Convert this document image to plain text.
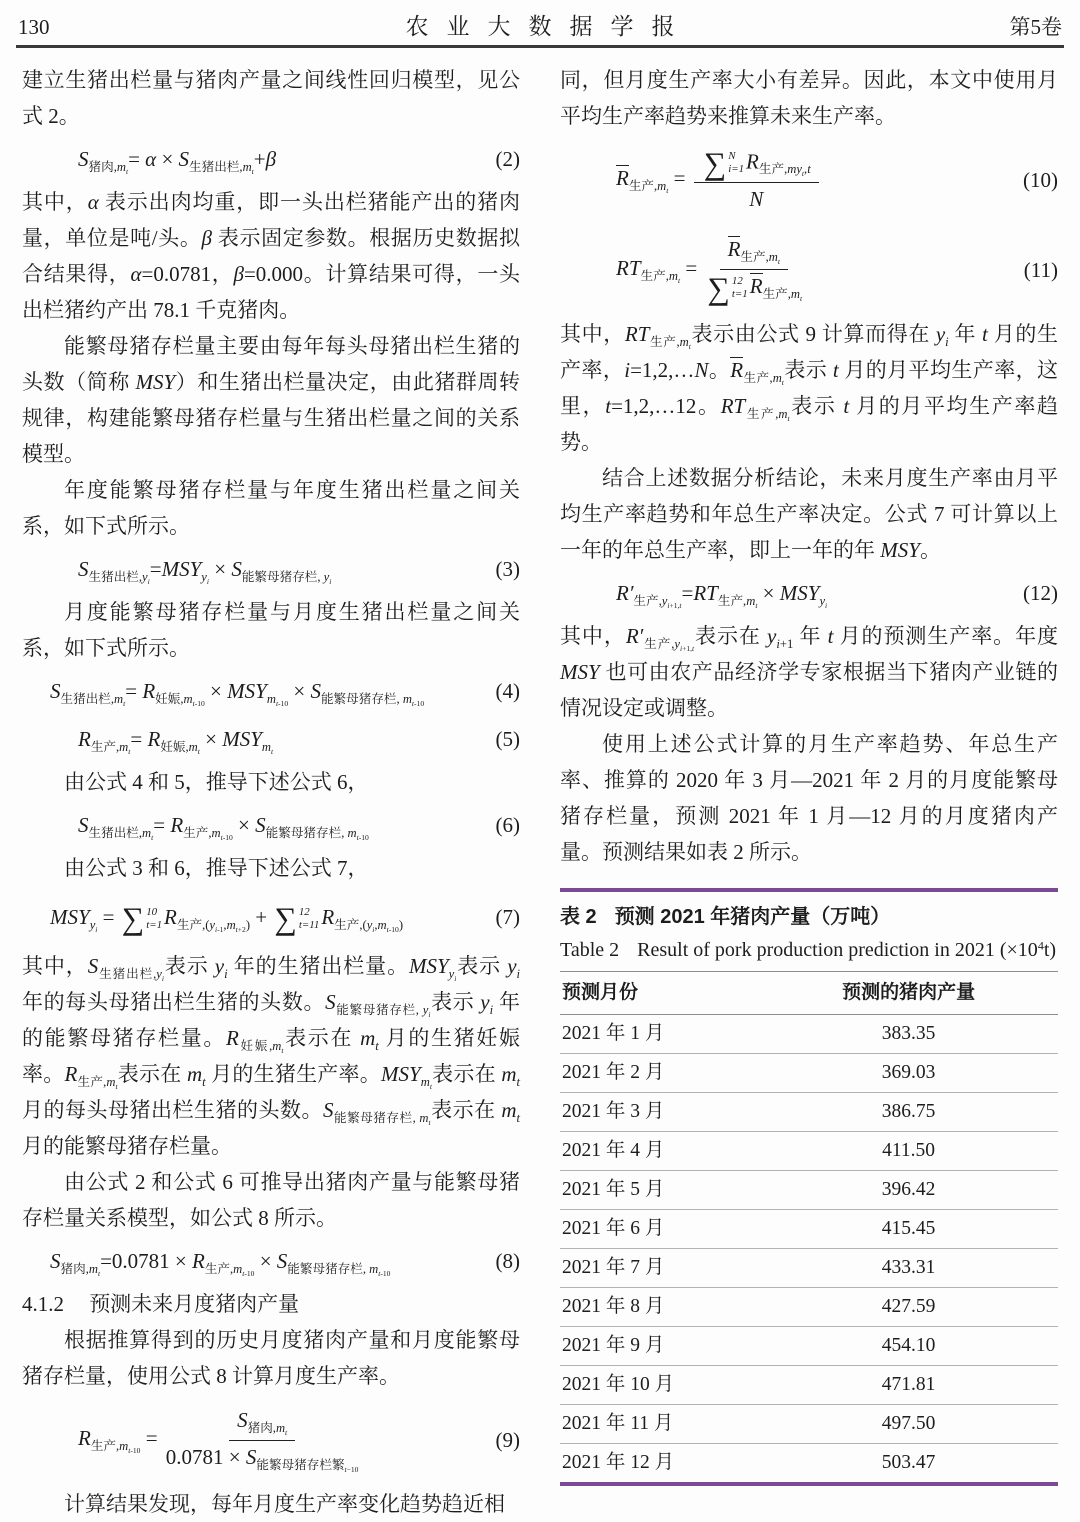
130	农业大数据学报	第5卷

建立生猪出栏量与猪肉产量之间线性回归模型，见公式 2。

$S_{猪肉,m_t}= \alpha \times S_{生猪出栏,m_t}+\beta$	(2)

其中，α 表示出肉均重，即一头出栏猪能产出的猪肉量，单位是吨/头。β 表示固定参数。根据历史数据拟合结果得，α=0.0781，β=0.000。计算结果可得，一头出栏猪约产出 78.1 千克猪肉。

能繁母猪存栏量主要由每年每头母猪出栏生猪的头数（简称 MSY）和生猪出栏量决定，由此猪群周转规律，构建能繁母猪存栏量与生猪出栏量之间的关系模型。

年度能繁母猪存栏量与年度生猪出栏量之间关系，如下式所示。

$S_{生猪出栏,y_i}=MSY_{y_i} \times S_{能繁母猪存栏, y_i}$
(3)

月度能繁母猪存栏量与月度生猪出栏量之间关系，如下式所示。

$S_{生猪出栏,m_t}= R_{妊娠,m_{t-10}} \times MSY_{m_{t-10}} \times S_{能繁母猪存栏, m_{t-10}}$
(4)
$R_{生产,m_t}= R_{妊娠,m_t} \times MSY_{m_t}$
(5)

由公式 4 和 5，推导下述公式 6，

$S_{生猪出栏,m_t}= R_{生产,m_{t-10}} \times S_{能繁母猪存栏, m_{t-10}}$
(6)

由公式 3 和 6，推导下述公式 7，

$MSY_{y_i}$ = ∑ 10
t=1 $R_{生产,(y_{i-1},m_{t+2})}$ + ∑ 12
t=11 $R_{生产,(y_i,m_{t-10})}$	(7)

其中，$S_{生猪出栏,y_i}$表示 $y_i$ 年的生猪出栏量。$MSY_{y_i}$表示 $y_i$ 年的每头母猪出栏生猪的头数。$S_{能繁母猪存栏, y_i}$表示 $y_i$ 年的能繁母猪存栏量。$R_{妊娠,m_t}$表示在 $m_t$ 月的生猪妊娠率。$R_{生产,m_t}$表示在 $m_t$ 月的生猪生产率。$MSY_{m_t}$表示在 $m_t$ 月的每头母猪出栏生猪的头数。$S_{能繁母猪存栏, m_t}$表示在 $m_t$ 月的能繁母猪存栏量。

由公式 2 和公式 6 可推导出猪肉产量与能繁母猪存栏量关系模型，如公式 8 所示。

$S_{猪肉,m_t}=0.0781 \times R_{生产,m_{t-10}} \times S_{能繁母猪存栏, m_{t-10}}$
(8)

4.1.2 预测未来月度猪肉产量

根据推算得到的历史月度猪肉产量和月度能繁母猪存栏量，使用公式 8 计算月度生产率。

$R_{生产,m_{t-10}}$ =
$S_{猪肉,m_t}$
$0.0781 \times S_{能繁母猪存栏繁_{t-10}}$
(9)

计算结果发现，每年月度生产率变化趋势趋近相

同，但月度生产率大小有差异。因此，本文中使用月平均生产率趋势来推算未来生产率。

$R_{生产,m_t}$ = ∑ N
i=1 $R_{生产,my_t,t}$
N
(10)
$RT_{生产,m_t}$ =
$R_{生产,m_t}$
∑ 12
t=1 $R_{生产,m_t}$
(11)

其中，$RT_{生产,m_t}$表示由公式 9 计算而得在 $y_i$ 年 t 月的生产率，i=1,2,…N。$R_{生产,m_t}$表示 t 月的月平均生产率，这里，t=1,2,…12。$RT_{生产,m_t}$表示 t 月的月平均生产率趋势。

结合上述数据分析结论，未来月度生产率由月平均生产率趋势和年总生产率决定。公式 7 可计算以上一年的年总生产率，即上一年的年 MSY。

$R'_{生产,y_{i+1,t}}=RT_{生产,m_t} \times MSY_{y_i}$
(12)

其中，$R'_{生产,y_{i+1,t}}$表示在 $y_{i+1}$ 年 t 月的预测生产率。年度 MSY 也可由农产品经济学专家根据当下猪肉产业链的情况设定或调整。

使用上述公式计算的月生产率趋势、年总生产率、推算的 2020 年 3 月—2021 年 2 月的月度能繁母猪存栏量，预测 2021 年 1 月—12 月的月度猪肉产量。预测结果如表 2 所示。

表 2 预测 2021 年猪肉产量（万吨）
Table 2 Result of pork production prediction in 2021 $(\times 10^4t)$
预测月份	预测的猪肉产量
2021 年 1 月	383.35
2021 年 2 月	369.03
2021 年 3 月	386.75
2021 年 4 月	411.50
2021 年 5 月	396.42
2021 年 6 月	415.45
2021 年 7 月	433.31
2021 年 8 月	427.59
2021 年 9 月	454.10
2021 年 10 月	471.81
2021 年 11 月	497.50
2021 年 12 月	503.47
